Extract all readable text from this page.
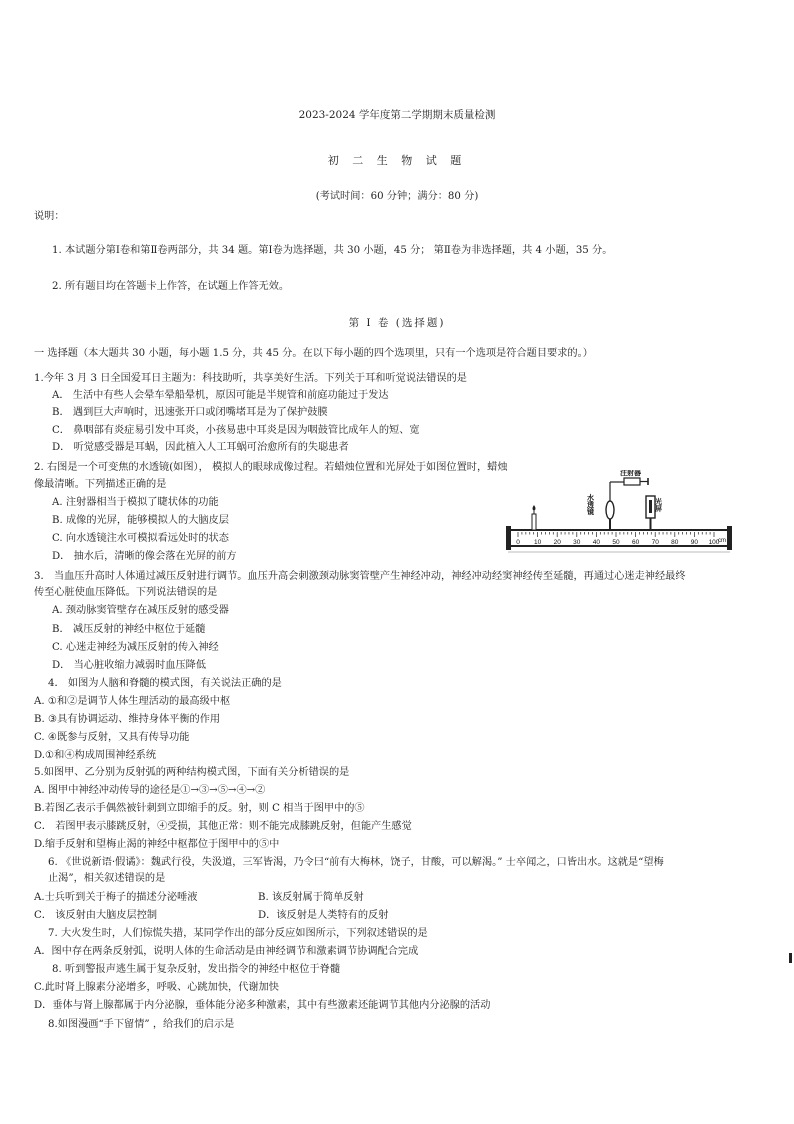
2023-2024 学年度第二学期期末质量检测
初 二 生 物 试 题
(考试时间：60 分钟；满分：80 分)
说明：
1. 本试题分第Ⅰ卷和第Ⅱ卷两部分，共 34 题。第Ⅰ卷为选择题，共 30 小题，45 分； 第Ⅱ卷为非选择题，共 4 小题，35 分。
2. 所有题目均在答题卡上作答，在试题上作答无效。
第 Ⅰ 卷 (选择题)
一 选择题（本大题共 30 小题，每小题 1.5 分，共 45 分。在以下每小题的四个选项里，只有一个选项是符合题目要求的。）
1.今年 3 月 3 日全国爱耳日主题为：科技助听，共享美好生活。下列关于耳和听觉说法错误的是
A． 生活中有些人会晕车晕船晕机，原因可能是半规管和前庭功能过于发达
B． 遇到巨大声响时，迅速张开口或闭嘴堵耳是为了保护鼓膜
C． 鼻咽部有炎症易引发中耳炎，小孩易患中耳炎是因为咽鼓管比成年人的短、宽
D． 听觉感受器是耳蜗，因此植入人工耳蜗可治愈所有的失聪患者
2. 右图是一个可变焦的水透镜(如图）， 模拟人的眼球成像过程。若蜡烛位置和光屏处于如图位置时，蜡烛
像最清晰。下列描述正确的是
A. 注射器相当于模拟了睫状体的功能
B. 成像的光屏，能够模拟人的大脑皮层
C. 向水透镜注水可模拟看远处时的状态
D． 抽水后，清晰的像会落在光屏的前方
0 10 20 30 40 50 60 70 80 90 100
cm
注射器
水透镜	光屏
3． 当血压升高时人体通过减压反射进行调节。血压升高会刺激颈动脉窦管壁产生神经冲动，神经冲动经窦神经传至延髓，再通过心迷走神经最终
传至心脏使血压降低。下列说法错误的是
A. 颈动脉窦管壁存在减压反射的感受器
B． 减压反射的神经中枢位于延髓
C. 心迷走神经为减压反射的传入神经
D． 当心脏收缩力减弱时血压降低
4． 如图为人脑和脊髓的模式图，有关说法正确的是
A. ①和②是调节人体生理活动的最高级中枢
B. ③具有协调运动、维持身体平衡的作用
C. ④既参与反射，又具有传导功能
D.①和④构成周围神经系统
5.如图甲、乙分别为反射弧的两种结构模式图，下面有关分析错误的是
A. 图甲中神经冲动传导的途径是①→③→⑤→④→②
B.若图乙表示手偶然被针刺到立即缩手的反。射，则 C 相当于图甲中的⑤
C． 若图甲表示膝跳反射，④受损，其他正常：则不能完成膝跳反射，但能产生感觉
D.缩手反射和望梅止渴的神经中枢都位于图甲中的⑤中
6. 《世说新语·假谲》：魏武行役，失汲道，三军皆渴，乃令曰“前有大梅林，饶子，甘酸，可以解渴。” 士卒闻之，口皆出水。这就是“望梅
止渴”，相关叙述错误的是
A.士兵听到关于梅子的描述分泌唾液	B. 该反射属于简单反射
C． 该反射由大脑皮层控制	D．该反射是人类特有的反射
7. 大火发生时，人们惊慌失措，某同学作出的部分反应如图所示，下列叙述错误的是
A．图中存在两条反射弧，说明人体的生命活动是由神经调节和激素调节协调配合完成
8. 听到警报声逃生属于复杂反射，发出指令的神经中枢位于脊髓
C.此时肾上腺素分泌增多，呼吸、心跳加快，代谢加快
D．垂体与肾上腺都属于内分泌腺，垂体能分泌多种激素，其中有些激素还能调节其他内分泌腺的活动
8.如图漫画“手下留情” ，给我们的启示是
